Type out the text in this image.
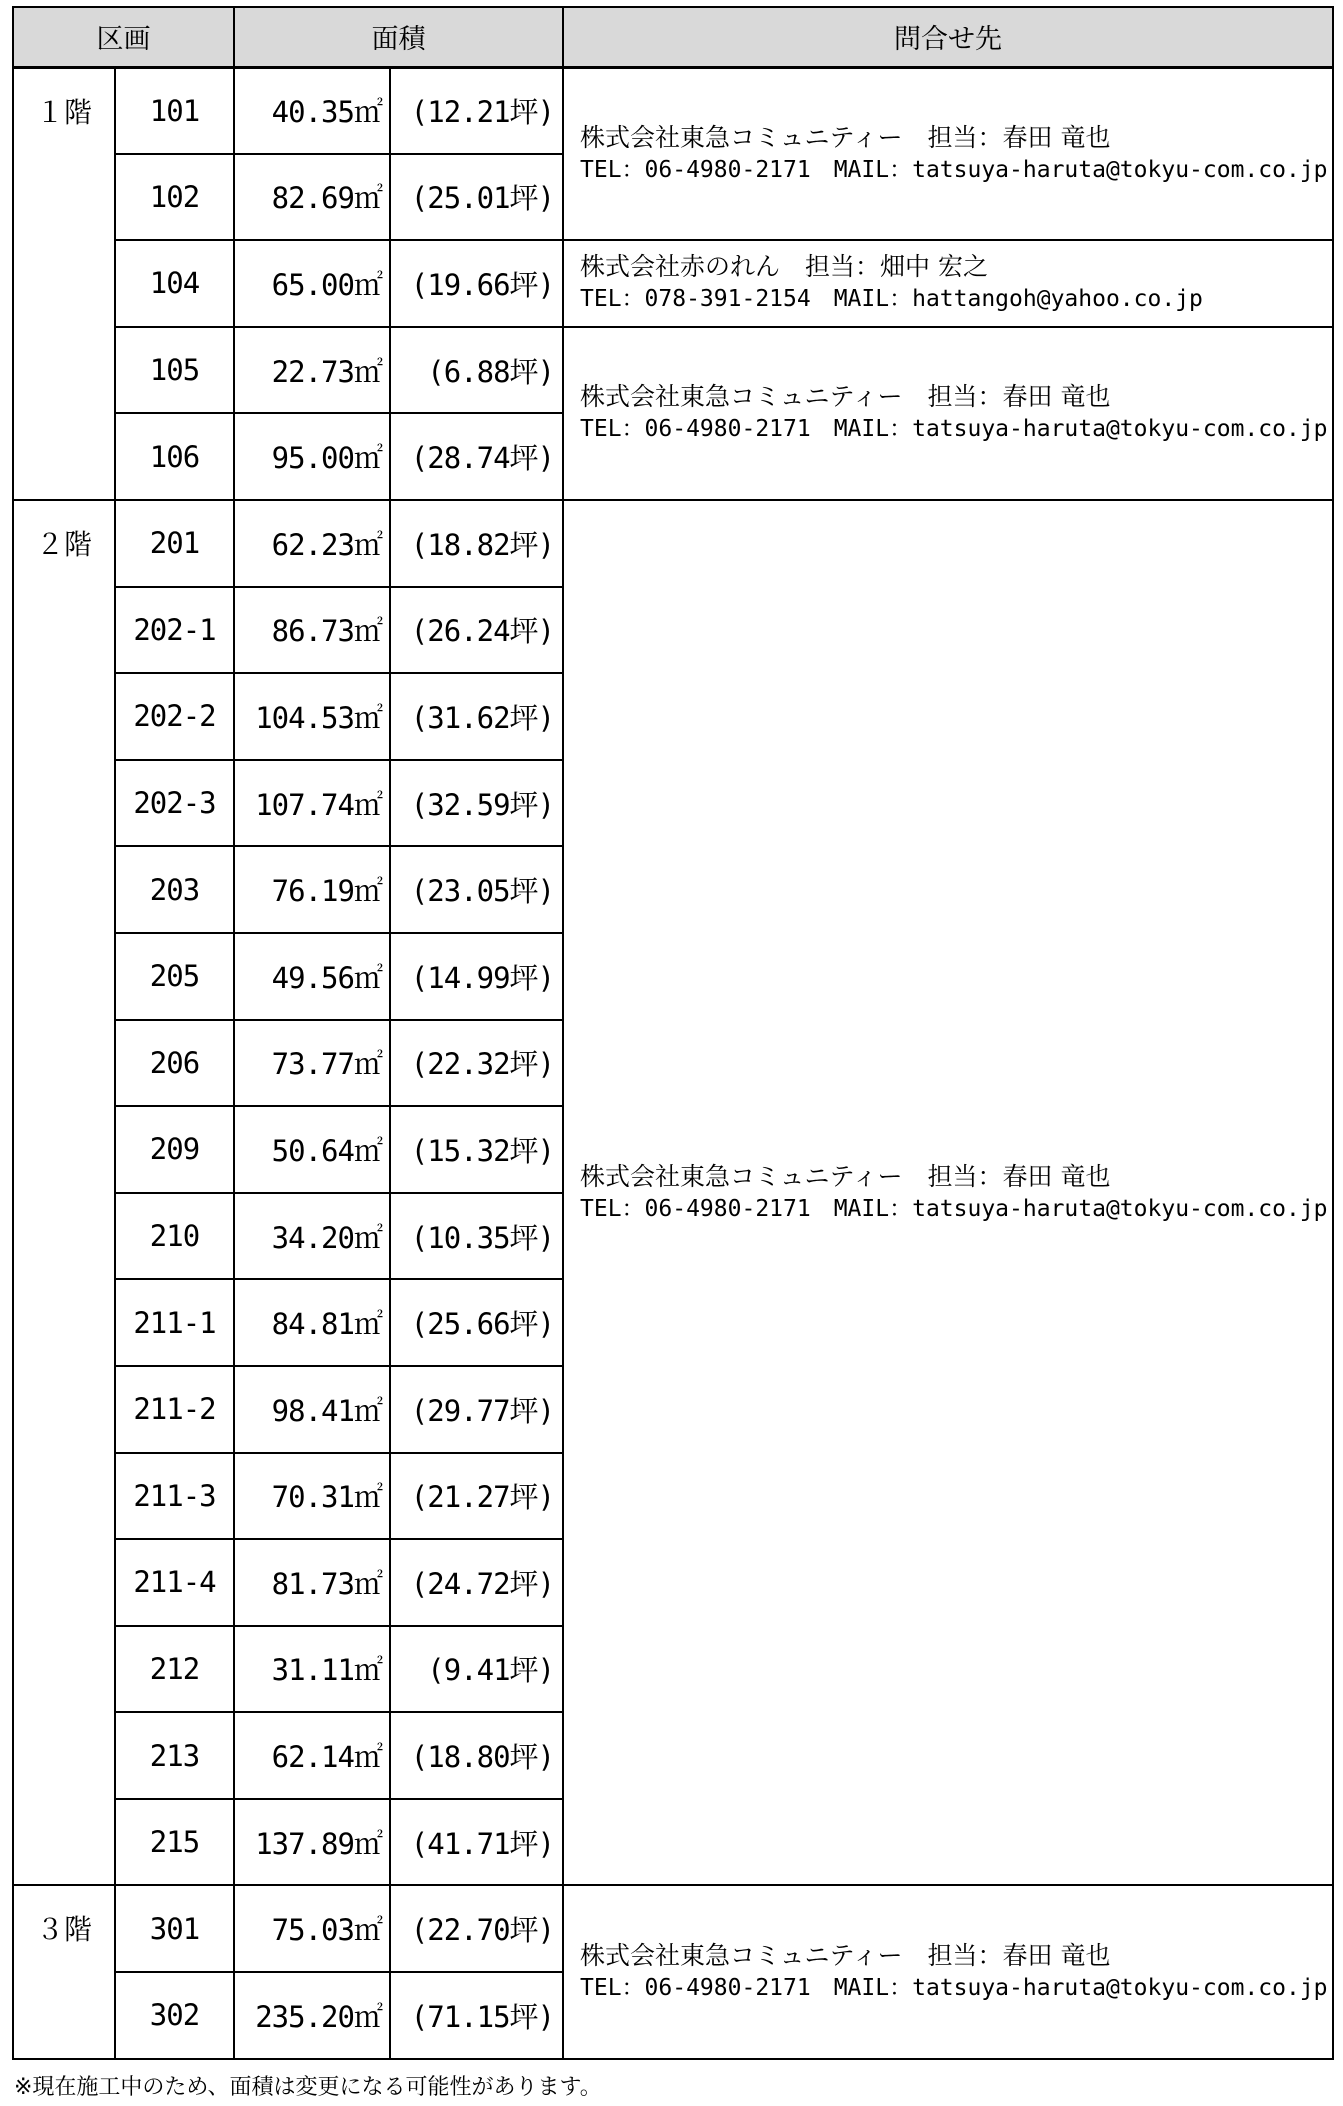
区画		面積		問合せ先
１階	101	40.35㎡	(12.21坪)	株式会社東急コミュニティー　担当：春田 竜也
TEL：06-4980-2171　MAIL：tatsuya-haruta@tokyu-com.co.jp

	102	82.69㎡	(25.01坪)	
	104	65.00㎡	(19.66坪)	株式会社赤のれん　担当：畑中 宏之
TEL：078-391-2154　MAIL：hattangoh@yahoo.co.jp

	105	22.73㎡	(6.88坪)	株式会社東急コミュニティー　担当：春田 竜也
TEL：06-4980-2171　MAIL：tatsuya-haruta@tokyu-com.co.jp

	106	95.00㎡	(28.74坪)	
２階	201	62.23㎡	(18.82坪)	株式会社東急コミュニティー　担当：春田 竜也
TEL：06-4980-2171　MAIL：tatsuya-haruta@tokyu-com.co.jp

	202-1	86.73㎡	(26.24坪)	
	202-2	104.53㎡	(31.62坪)	
	202-3	107.74㎡	(32.59坪)	
	203	76.19㎡	(23.05坪)	
	205	49.56㎡	(14.99坪)	
	206	73.77㎡	(22.32坪)	
	209	50.64㎡	(15.32坪)	
	210	34.20㎡	(10.35坪)	
	211-1	84.81㎡	(25.66坪)	
	211-2	98.41㎡	(29.77坪)	
	211-3	70.31㎡	(21.27坪)	
	211-4	81.73㎡	(24.72坪)	
	212	31.11㎡	(9.41坪)	
	213	62.14㎡	(18.80坪)	
	215	137.89㎡	(41.71坪)	
３階	301	75.03㎡	(22.70坪)	株式会社東急コミュニティー　担当：春田 竜也
TEL：06-4980-2171　MAIL：tatsuya-haruta@tokyu-com.co.jp

	302	235.20㎡	(71.15坪)	
※現在施工中のため、面積は変更になる可能性があります。
